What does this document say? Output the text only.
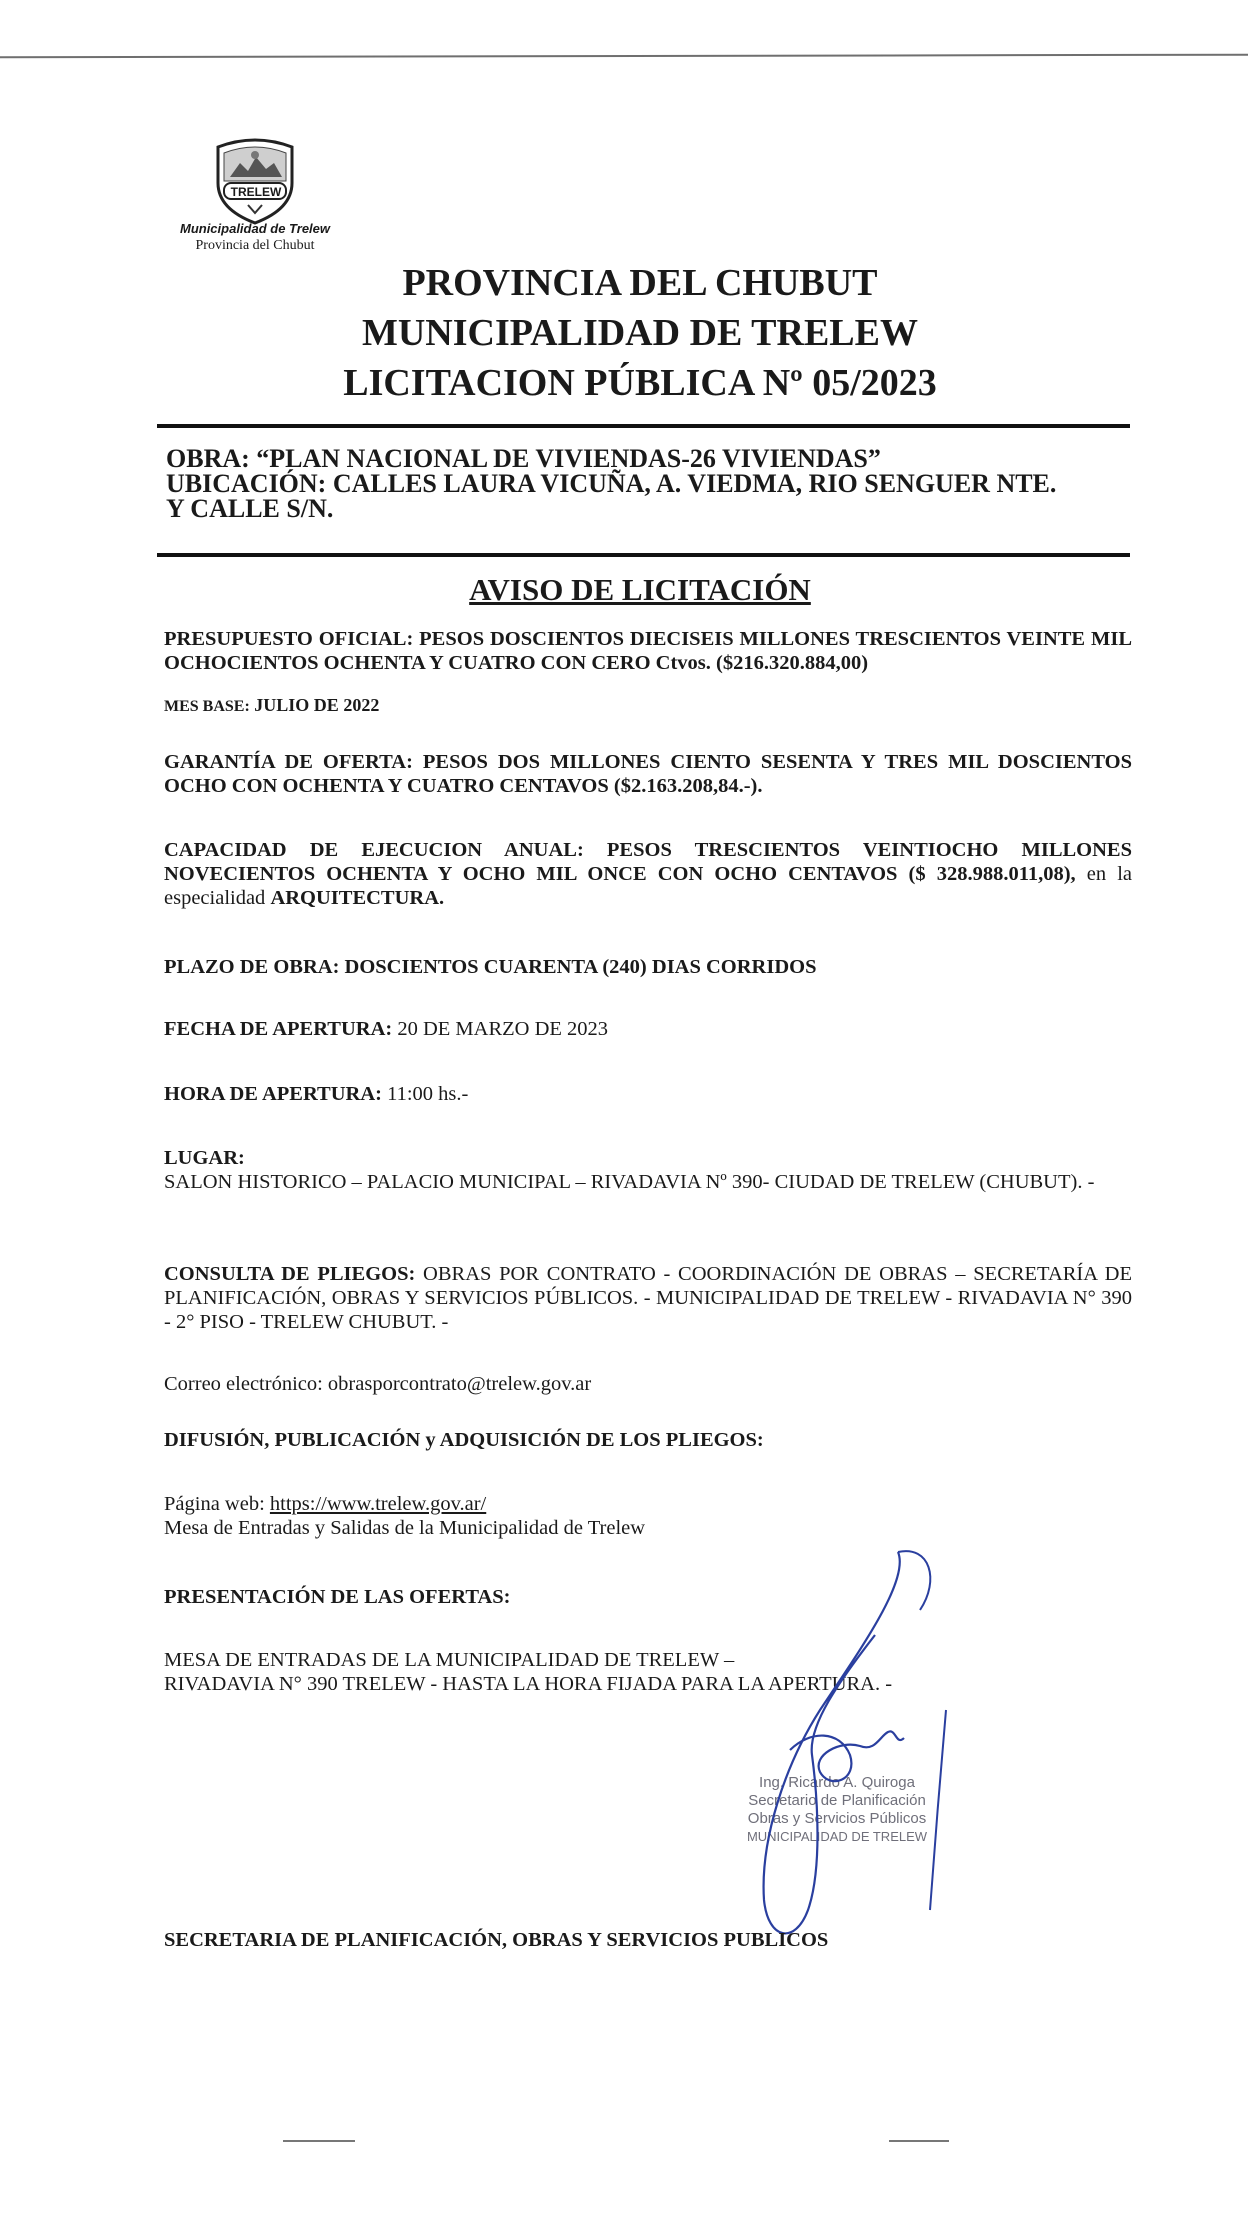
TRELEW
Municipalidad de Trelew
Provincia del Chubut
PROVINCIA DEL CHUBUT
MUNICIPALIDAD DE TRELEW
LICITACION PÚBLICA Nº 05/2023
OBRA: “PLAN NACIONAL DE VIVIENDAS-26 VIVIENDAS”
UBICACIÓN: CALLES LAURA VICUÑA, A. VIEDMA, RIO SENGUER NTE.
Y CALLE S/N.
AVISO DE LICITACIÓN
PRESUPUESTO OFICIAL: PESOS DOSCIENTOS DIECISEIS MILLONES TRESCIENTOS VEINTE MIL OCHOCIENTOS OCHENTA Y CUATRO CON CERO Ctvos. ($216.320.884,00)
MES BASE: JULIO DE 2022
GARANTÍA DE OFERTA: PESOS DOS MILLONES CIENTO SESENTA Y TRES MIL DOSCIENTOS OCHO CON OCHENTA Y CUATRO CENTAVOS ($2.163.208,84.-).
CAPACIDAD DE EJECUCION ANUAL: PESOS TRESCIENTOS VEINTIOCHO MILLONES NOVECIENTOS OCHENTA Y OCHO MIL ONCE CON OCHO CENTAVOS ($ 328.988.011,08), en la especialidad ARQUITECTURA.
PLAZO DE OBRA: DOSCIENTOS CUARENTA (240) DIAS CORRIDOS
FECHA DE APERTURA: 20 DE MARZO DE 2023
HORA DE APERTURA: 11:00 hs.-
LUGAR:
SALON HISTORICO – PALACIO MUNICIPAL – RIVADAVIA Nº 390- CIUDAD DE TRELEW (CHUBUT). -
CONSULTA DE PLIEGOS: OBRAS POR CONTRATO - COORDINACIÓN DE OBRAS – SECRETARÍA DE PLANIFICACIÓN, OBRAS Y SERVICIOS PÚBLICOS. - MUNICIPALIDAD DE TRELEW - RIVADAVIA N° 390 - 2° PISO - TRELEW CHUBUT. -
Correo electrónico: obrasporcontrato@trelew.gov.ar
DIFUSIÓN, PUBLICACIÓN y ADQUISICIÓN DE LOS PLIEGOS:
Página web: https://www.trelew.gov.ar/
Mesa de Entradas y Salidas de la Municipalidad de Trelew
PRESENTACIÓN DE LAS OFERTAS:
MESA DE ENTRADAS DE LA MUNICIPALIDAD DE TRELEW –
RIVADAVIA N° 390 TRELEW - HASTA LA HORA FIJADA PARA LA APERTURA. -
Ing. Ricardo A. Quiroga
Secretario de Planificación
Obras y Servicios Públicos
MUNICIPALIDAD DE TRELEW
SECRETARIA DE PLANIFICACIÓN, OBRAS Y SERVICIOS PUBLICOS
